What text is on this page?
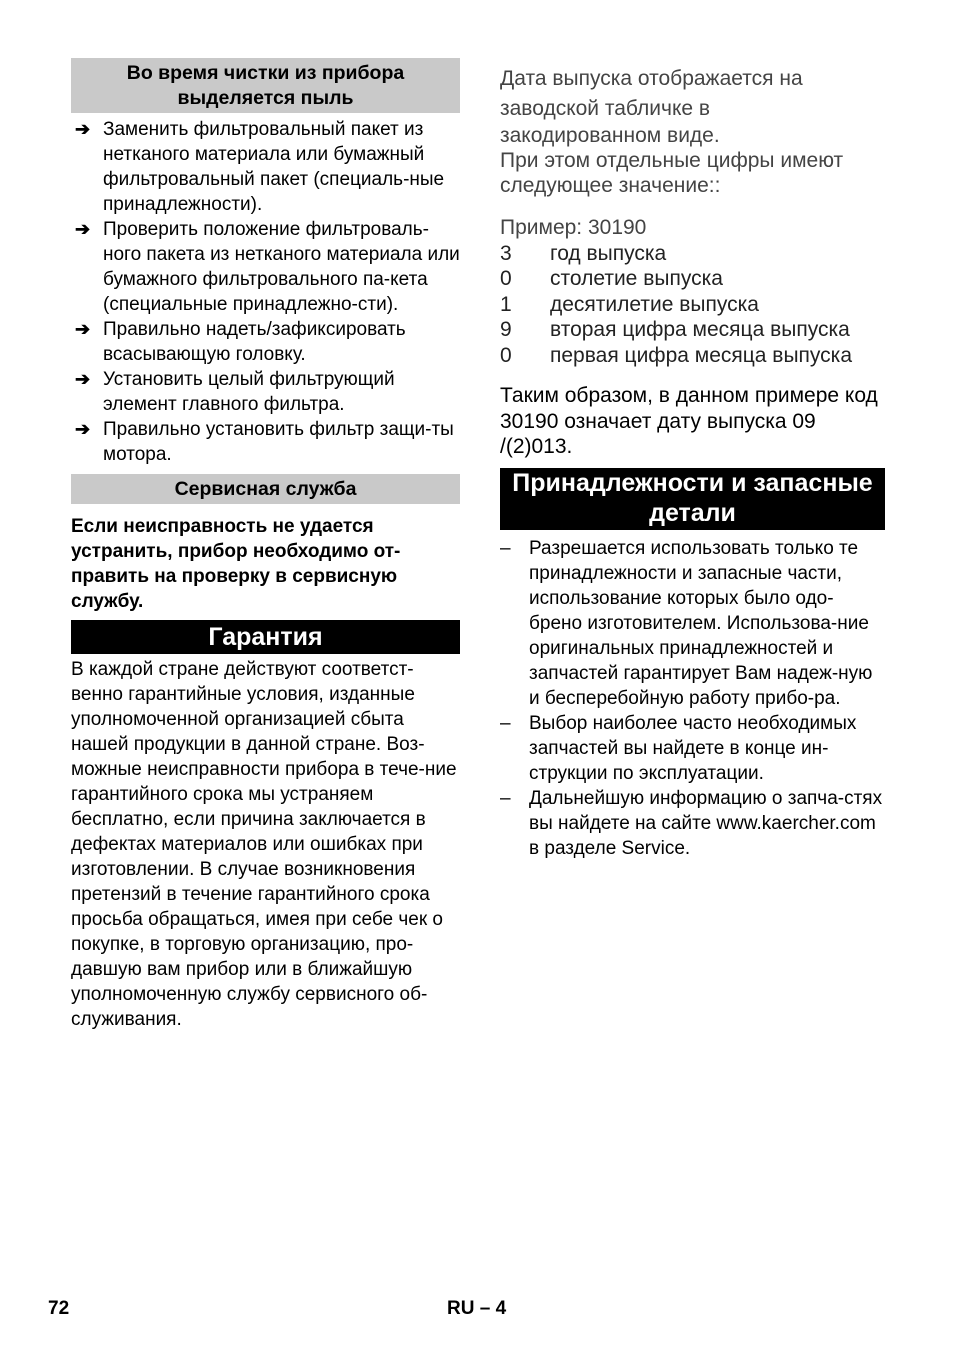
Во время чистки из прибора выделяется пыль
➔ Заменить фильтровальный пакет из нетканого материала или бумажный фильтровальный пакет (специаль-ные принадлежности).
➔ Проверить положение фильтроваль-ного пакета из нетканого материала или бумажного фильтровального па-кета (специальные принадлежно-сти).
➔ Правильно надеть/зафиксировать всасывающую головку.
➔ Установить целый фильтрующий элемент главного фильтра.
➔ Правильно установить фильтр защи-ты мотора.
Сервисная служба

Если неисправность не удается устранить, прибор необходимо от-править на проверку в сервисную службу.

Гарантия

В каждой стране действуют соответст-венно гарантийные условия, изданные уполномоченной организацией сбыта нашей продукции в данной стране. Воз-можные неисправности прибора в тече-ние гарантийного срока мы устраняем бесплатно, если причина заключается в дефектах материалов или ошибках при изготовлении. В случае возникновения претензий в течение гарантийного срока просьба обращаться, имея при себе чек о покупке, в торговую организацию, про-давшую вам прибор или в ближайшую уполномоченную службу сервисного об-служивания.

Дата выпуска отображается на
заводской табличке в
закодированном виде.
При этом отдельные цифры имеют
следующее значение::
Пример: 30190
3	год выпуска
0	столетие выпуска
1	десятилетие выпуска
9	вторая цифра месяца выпуска
0	первая цифра месяца выпуска

Таким образом, в данном примере код 30190 означает дату выпуска 09 /(2)013.

Принадлежности и запасные детали
– Разрешается использовать только те принадлежности и запасные части, использование которых было одо-брено изготовителем. Использова-ние оригинальных принадлежностей и запчастей гарантирует Вам надеж-ную и бесперебойную работу прибо-ра.
– Выбор наиболее часто необходимых запчастей вы найдете в конце ин-струкции по эксплуатации.
– Дальнейшую информацию о запча-стях вы найдете на сайте www.kaercher.com в разделе Service.
72	RU – 4
